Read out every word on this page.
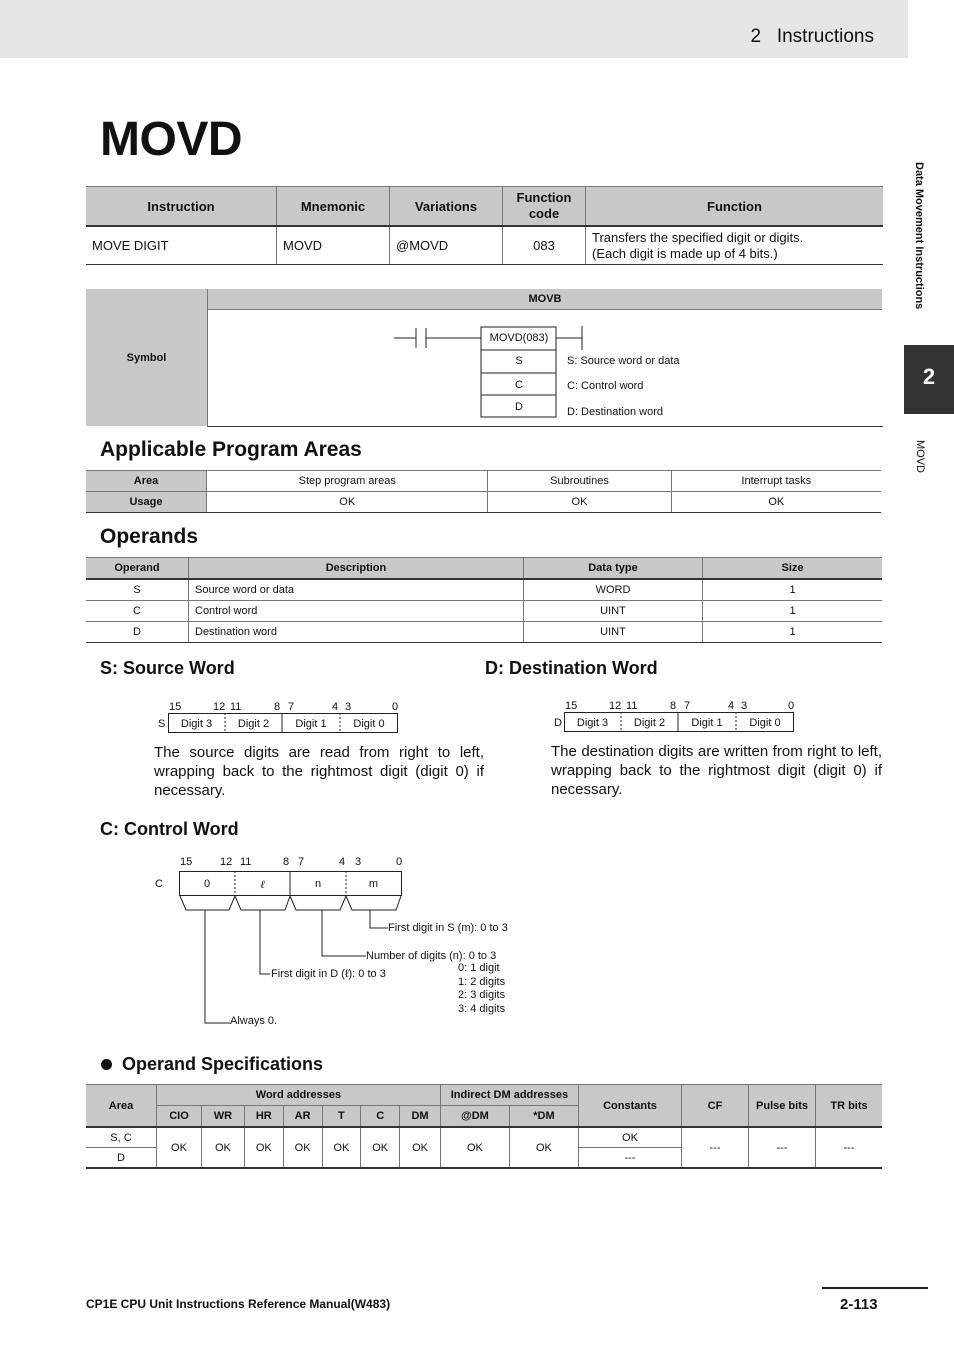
2   Instructions
MOVD
Instruction	Mnemonic	Variations	Function code	Function
MOVE DIGIT	MOVD	@MOVD	083	Transfers the specified digit or digits.
(Each digit is made up of 4 bits.)
Symbol
MOVB
MOVD(083)
S
C
D
S: Source word or data
C: Control word
D: Destination word
Applicable Program Areas
Area	Step program areas	Subroutines	Interrupt tasks
Usage	OK	OK	OK
Operands
Operand	Description	Data type	Size
S	Source word or data	WORD	1
C	Control word	UINT	1
D	Destination word	UINT	1
S: Source Word
15	12 11	8 7	4 3	0
S	Digit 3	Digit 2	Digit 1	Digit 0
The source digits are read from right to left, wrapping back to the rightmost digit (digit 0) if necessary.
D: Destination Word
15	12 11	8 7	4 3	0
D	Digit 3	Digit 2	Digit 1	Digit 0
The destination digits are written from right to left, wrapping back to the rightmost digit (digit 0) if necessary.
C: Control Word
15	12 11	8 7	4 3	0
C	0	ℓ	n	m
First digit in S (m): 0 to 3
Number of digits (n): 0 to 3
First digit in D (ℓ): 0 to 3
Always 0.
0: 1 digit
1: 2 digits
2: 3 digits
3: 4 digits
Operand Specifications
Area	Word addresses							Indirect DM addresses		Constants	CF	Pulse bits	TR bits
	CIO	WR	HR	AR	T	C	DM	@DM	*DM				
S, C	OK	OK	OK	OK	OK	OK	OK	OK	OK	OK	---	---	---
D										---			
Data Movement Instructions
2
MOVD
CP1E CPU Unit Instructions Reference Manual(W483)	2-113
